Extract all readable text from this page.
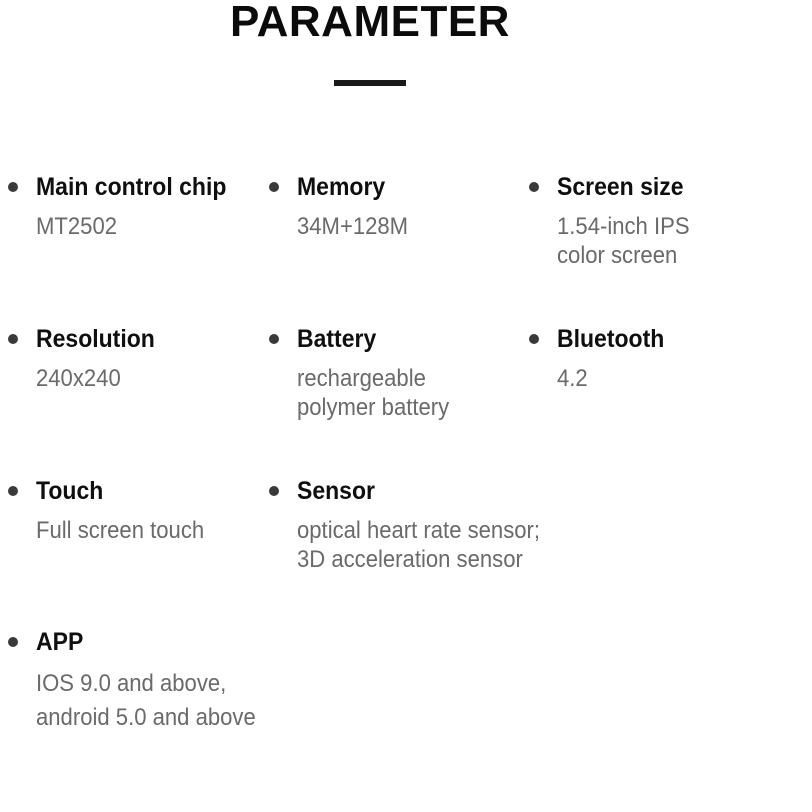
PARAMETER
Main control chip
MT2502
Memory
34M+128M
Screen size
1.54-inch IPS
color screen
Resolution
240x240
Battery
rechargeable
polymer battery
Bluetooth
4.2
Touch
Full screen touch
Sensor
optical heart rate sensor;
3D acceleration sensor
APP
IOS 9.0 and above,
android 5.0 and above
